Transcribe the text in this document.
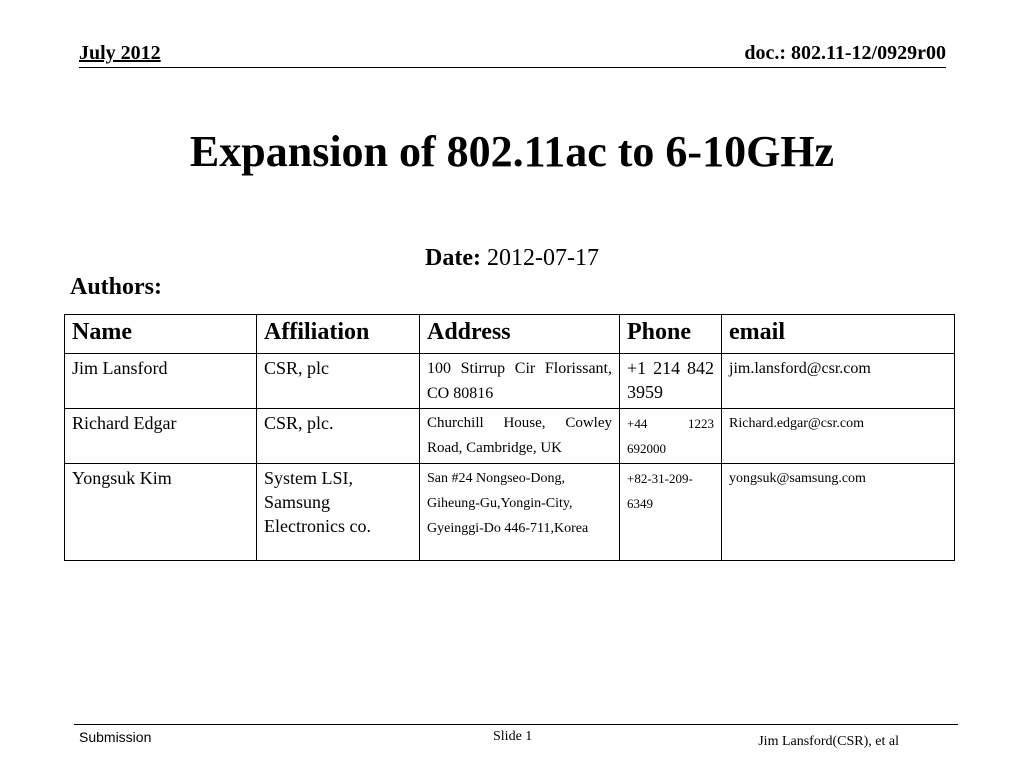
July 2012	doc.: 802.11-12/0929r00
Expansion of 802.11ac to 6-10GHz
Date: 2012-07-17
Authors:
Name	Affiliation	Address	Phone	email
Jim Lansford	CSR, plc	100 Stirrup Cir Florissant, CO 80816	+1 214 842 3959	jim.lansford@csr.com
Richard Edgar	CSR, plc.	Churchill House, Cowley Road, Cambridge, UK	+44 1223 692000	Richard.edgar@csr.com
Yongsuk Kim	System LSI, Samsung Electronics co.	San #24 Nongseo-Dong, Giheung-Gu,Yongin-City, Gyeinggi-Do 446-711,Korea	+82-31-209-6349	yongsuk@samsung.com
Submission	Slide 1	Jim Lansford(CSR), et al
